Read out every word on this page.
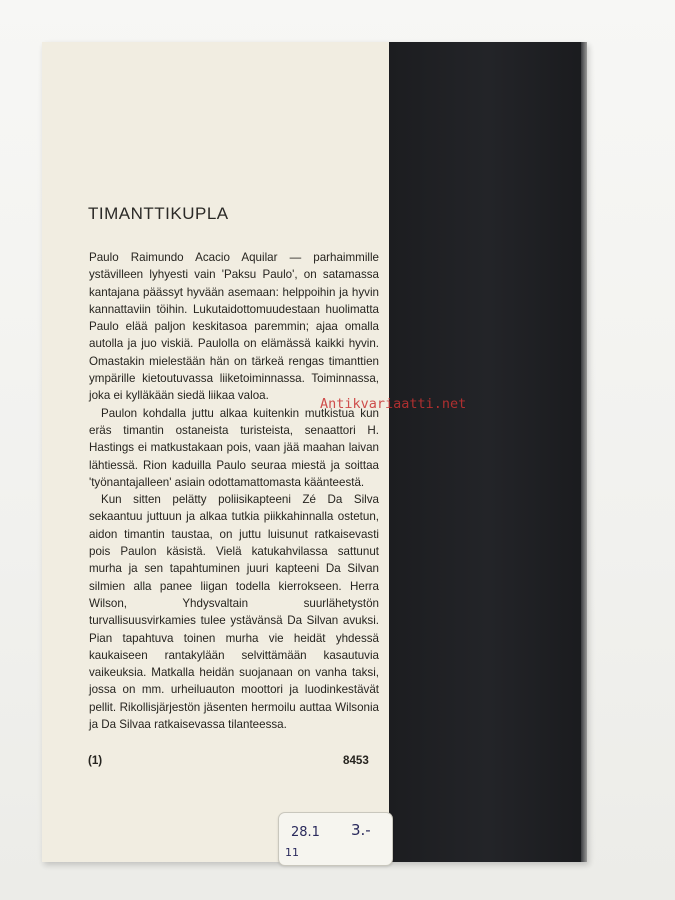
TIMANTTIKUPLA

Paulo Raimundo Acacio Aquilar — parhaimmille ystävilleen lyhyesti vain 'Paksu Paulo', on satamassa kantajana päässyt hyvään asemaan: helppoihin ja hyvin kannattaviin töihin. Lukutaidottomuudestaan huolimatta Paulo elää paljon keskitasoa paremmin; ajaa omalla autolla ja juo viskiä. Paulolla on elämässä kaikki hyvin. Omastakin mielestään hän on tärkeä rengas timanttien ympärille kietoutuvassa liiketoiminnassa. Toiminnassa, joka ei kylläkään siedä liikaa valoa.

Paulon kohdalla juttu alkaa kuitenkin mutkistua kun eräs timantin ostaneista turisteista, senaattori H. Hastings ei matkustakaan pois, vaan jää maahan laivan lähtiessä. Rion kaduilla Paulo seuraa miestä ja soittaa 'työnantajalleen' asiain odottamattomasta käänteestä.

Kun sitten pelätty poliisikapteeni Zé Da Silva sekaantuu juttuun ja alkaa tutkia piikkahinnalla ostetun, aidon timantin taustaa, on juttu luisunut ratkaisevasti pois Paulon käsistä. Vielä katukahvilassa sattunut murha ja sen tapahtuminen juuri kapteeni Da Silvan silmien alla panee liigan todella kierrokseen. Herra Wilson, Yhdysvaltain suurlähetystön turvallisuusvirkamies tulee ystävänsä Da Silvan avuksi. Pian tapahtuva toinen murha vie heidät yhdessä kaukaiseen rantakylään selvittämään kasautuvia vaikeuksia. Matkalla heidän suojanaan on vanha taksi, jossa on mm. urheiluauton moottori ja luodinkestävät pellit. Rikollisjärjestön jäsenten hermoilu auttaa Wilsonia ja Da Silvaa ratkaisevassa tilanteessa.

(1)	8453
28.1 3.-
11
Antikvariaatti.net
